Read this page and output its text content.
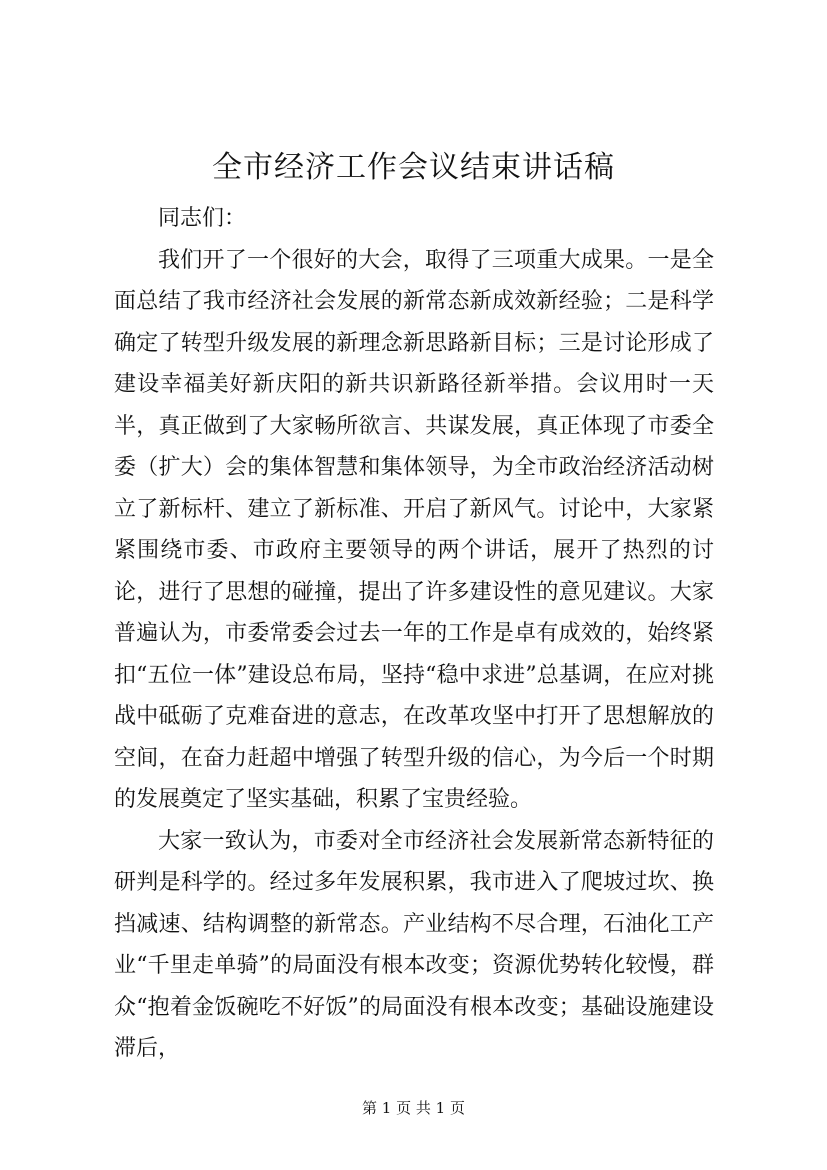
全市经济工作会议结束讲话稿

同志们：

我们开了一个很好的大会，取得了三项重大成果。一是全面总结了我市经济社会发展的新常态新成效新经验；二是科学确定了转型升级发展的新理念新思路新目标；三是讨论形成了建设幸福美好新庆阳的新共识新路径新举措。会议用时一天半，真正做到了大家畅所欲言、共谋发展，真正体现了市委全委（扩大）会的集体智慧和集体领导，为全市政治经济活动树立了新标杆、建立了新标准、开启了新风气。讨论中，大家紧紧围绕市委、市政府主要领导的两个讲话，展开了热烈的讨论，进行了思想的碰撞，提出了许多建设性的意见建议。大家普遍认为，市委常委会过去一年的工作是卓有成效的，始终紧扣“五位一体”建设总布局，坚持“稳中求进”总基调，在应对挑战中砥砺了克难奋进的意志，在改革攻坚中打开了思想解放的空间，在奋力赶超中增强了转型升级的信心，为今后一个时期的发展奠定了坚实基础，积累了宝贵经验。

大家一致认为，市委对全市经济社会发展新常态新特征的研判是科学的。经过多年发展积累，我市进入了爬坡过坎、换挡减速、结构调整的新常态。产业结构不尽合理，石油化工产业“千里走单骑”的局面没有根本改变；资源优势转化较慢，群众“抱着金饭碗吃不好饭”的局面没有根本改变；基础设施建设滞后，

第 1 页 共 1 页
